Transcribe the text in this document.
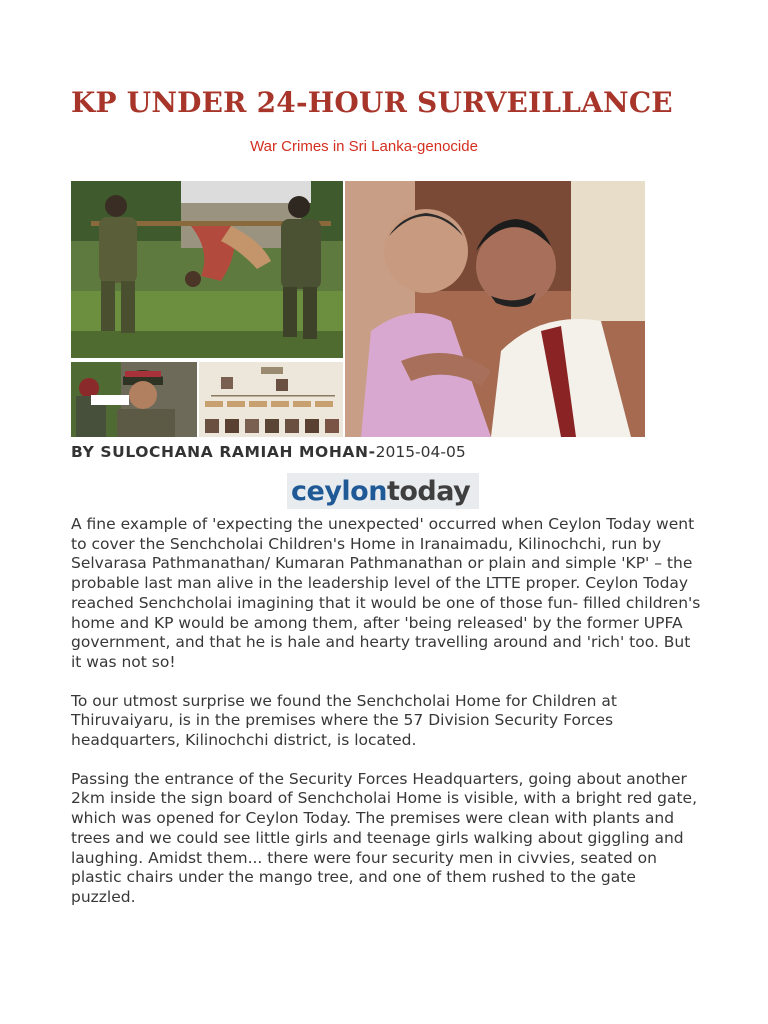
KP UNDER 24-HOUR SURVEILLANCE
War Crimes in Sri Lanka-genocide
BY SULOCHANA RAMIAH MOHAN-2015-04-05
ceylontoday

A fine example of 'expecting the unexpected' occurred when Ceylon Today went to cover the Senchcholai Children's Home in Iranaimadu, Kilinochchi, run by Selvarasa Pathmanathan/ Kumaran Pathmanathan or plain and simple 'KP' – the probable last man alive in the leadership level of the LTTE proper. Ceylon Today reached Senchcholai imagining that it would be one of those fun- filled children's home and KP would be among them, after 'being released' by the former UPFA government, and that he is hale and hearty travelling around and 'rich' too. But it was not so!

To our utmost surprise we found the Senchcholai Home for Children at Thiruvaiyaru, is in the premises where the 57 Division Security Forces headquarters, Kilinochchi district, is located.

Passing the entrance of the Security Forces Headquarters, going about another 2km inside the sign board of Senchcholai Home is visible, with a bright red gate, which was opened for Ceylon Today. The premises were clean with plants and trees and we could see little girls and teenage girls walking about giggling and laughing. Amidst them... there were four security men in civvies, seated on plastic chairs under the mango tree, and one of them rushed to the gate puzzled.
